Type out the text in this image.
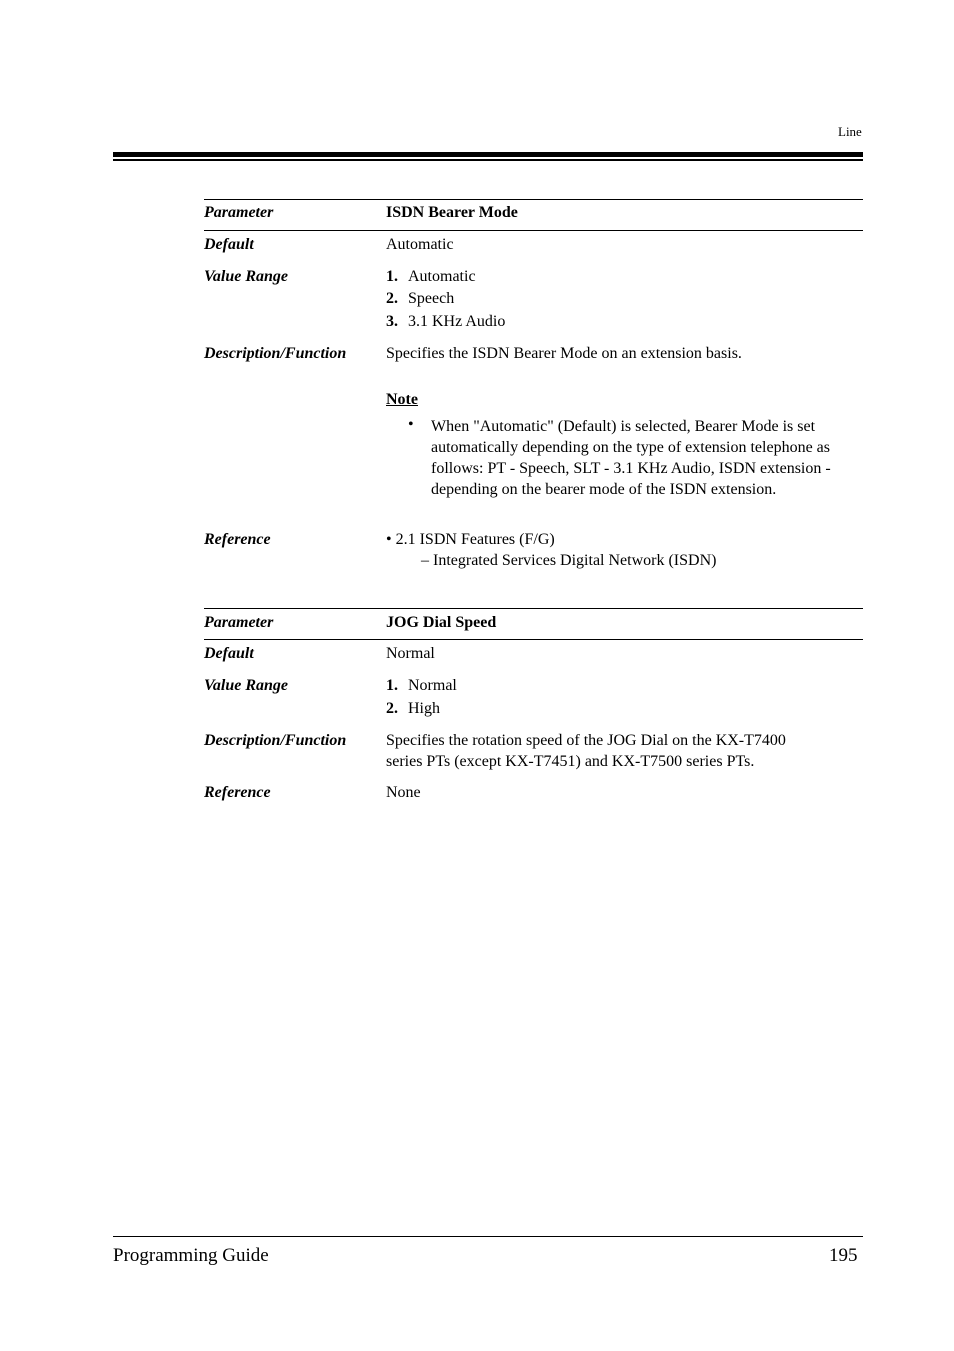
Line
Parameter	ISDN Bearer Mode
Default	Automatic
Value Range	1. Automatic
2. Speech
3. 3.1 KHz Audio
Description/Function Specifies the ISDN Bearer Mode on an extension basis.
Note
• When "Automatic" (Default) is selected, Bearer Mode is set automatically depending on the type of extension telephone as follows: PT - Speech, SLT - 3.1 KHz Audio, ISDN extension - depending on the bearer mode of the ISDN extension.
Reference	• 2.1 ISDN Features (F/G)
– Integrated Services Digital Network (ISDN)
Parameter	JOG Dial Speed
Default	Normal
Value Range	1. Normal
2. High
Description/Function Specifies the rotation speed of the JOG Dial on the KX-T7400
series PTs (except KX-T7451) and KX-T7500 series PTs.
Reference	None
Programming Guide	195
